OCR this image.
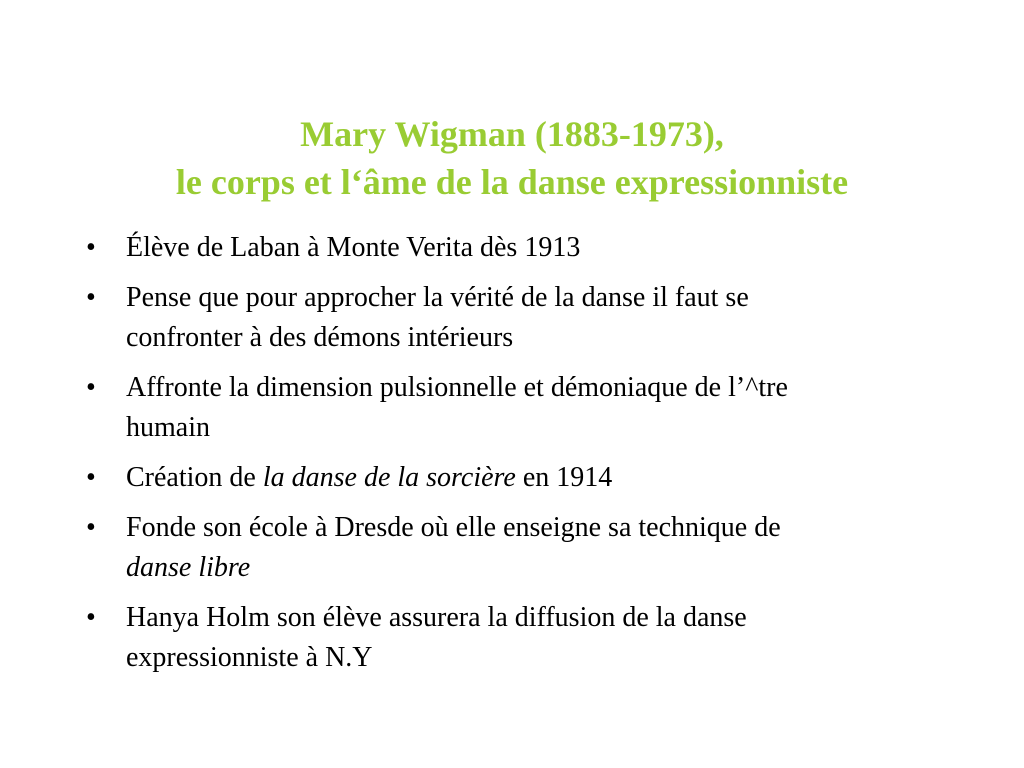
Mary Wigman (1883-1973),
le corps et l‘âme de la danse expressionniste
• Élève de Laban à Monte Verita dès 1913
• Pense que pour approcher la vérité de la danse il faut se
confronter à des démons intérieurs
• Affronte la dimension pulsionnelle et démoniaque de l’^tre
humain
• Création de la danse de la sorcière en 1914
• Fonde son école à Dresde où elle enseigne sa technique de
danse libre
• Hanya Holm son élève assurera la diffusion de la danse
expressionniste à N.Y
